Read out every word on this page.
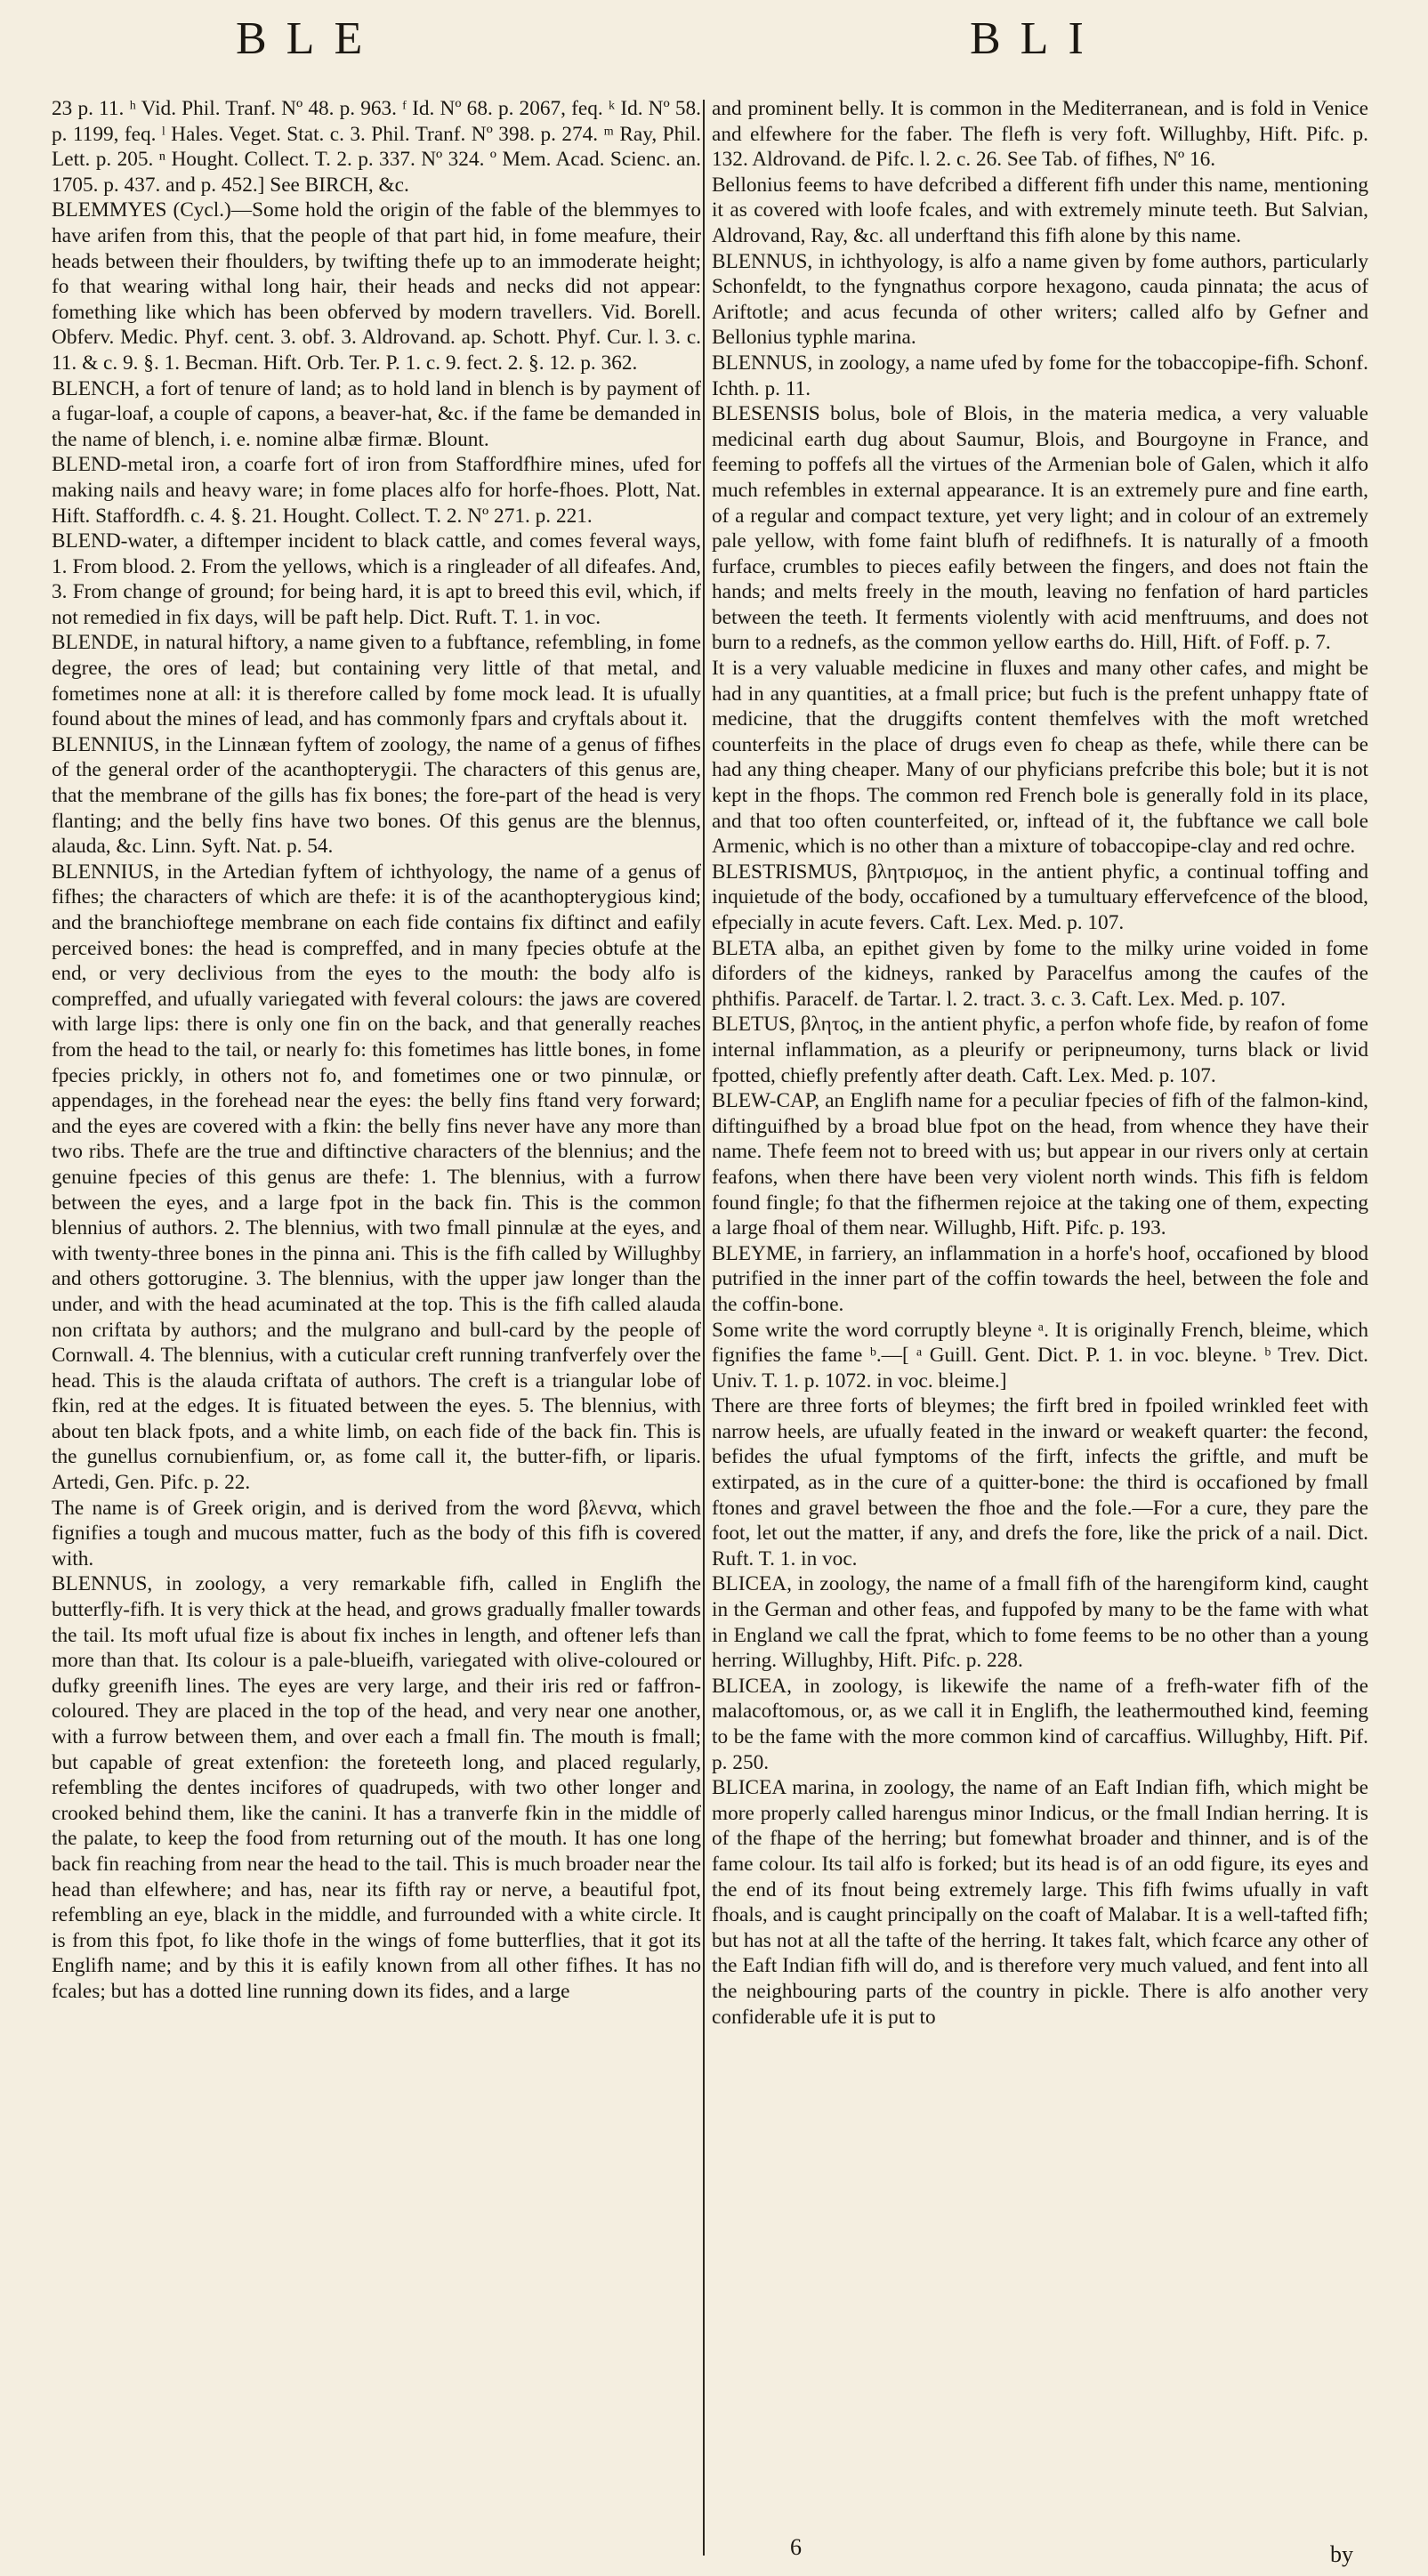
BLE	BLI

23 p. 11. ʰ Vid. Phil. Tranf. Nº 48. p. 963. ᶠ Id. Nº 68. p. 2067, feq. ᵏ Id. Nº 58. p. 1199, feq. ˡ Hales. Veget. Stat. c. 3. Phil. Tranf. Nº 398. p. 274. ᵐ Ray, Phil. Lett. p. 205. ⁿ Hought. Collect. T. 2. p. 337. Nº 324. º Mem. Acad. Scienc. an. 1705. p. 437. and p. 452.] See BIRCH, &c.

BLEMMYES (Cycl.)—Some hold the origin of the fable of the blemmyes to have arifen from this, that the people of that part hid, in fome meafure, their heads between their fhoulders, by twifting thefe up to an immoderate height; fo that wearing withal long hair, their heads and necks did not appear: fomething like which has been obferved by modern travellers. Vid. Borell. Obferv. Medic. Phyf. cent. 3. obf. 3. Aldrovand. ap. Schott. Phyf. Cur. l. 3. c. 11. & c. 9. §. 1. Becman. Hift. Orb. Ter. P. 1. c. 9. fect. 2. §. 12. p. 362.

BLENCH, a fort of tenure of land; as to hold land in blench is by payment of a fugar-loaf, a couple of capons, a beaver-hat, &c. if the fame be demanded in the name of blench, i. e. nomine albæ firmæ. Blount.

BLEND-metal iron, a coarfe fort of iron from Staffordfhire mines, ufed for making nails and heavy ware; in fome places alfo for horfe-fhoes. Plott, Nat. Hift. Staffordfh. c. 4. §. 21. Hought. Collect. T. 2. Nº 271. p. 221.

BLEND-water, a diftemper incident to black cattle, and comes feveral ways, 1. From blood. 2. From the yellows, which is a ringleader of all difeafes. And, 3. From change of ground; for being hard, it is apt to breed this evil, which, if not remedied in fix days, will be paft help. Dict. Ruft. T. 1. in voc.

BLENDE, in natural hiftory, a name given to a fubftance, refembling, in fome degree, the ores of lead; but containing very little of that metal, and fometimes none at all: it is therefore called by fome mock lead. It is ufually found about the mines of lead, and has commonly fpars and cryftals about it.

BLENNIUS, in the Linnæan fyftem of zoology, the name of a genus of fifhes of the general order of the acanthopterygii. The characters of this genus are, that the membrane of the gills has fix bones; the fore-part of the head is very flanting; and the belly fins have two bones. Of this genus are the blennus, alauda, &c. Linn. Syft. Nat. p. 54.

BLENNIUS, in the Artedian fyftem of ichthyology, the name of a genus of fifhes; the characters of which are thefe: it is of the acanthopterygious kind; and the branchioftege membrane on each fide contains fix diftinct and eafily perceived bones: the head is compreffed, and in many fpecies obtufe at the end, or very declivious from the eyes to the mouth: the body alfo is compreffed, and ufually variegated with feveral colours: the jaws are covered with large lips: there is only one fin on the back, and that generally reaches from the head to the tail, or nearly fo: this fometimes has little bones, in fome fpecies prickly, in others not fo, and fometimes one or two pinnulæ, or appendages, in the forehead near the eyes: the belly fins ftand very forward; and the eyes are covered with a fkin: the belly fins never have any more than two ribs. Thefe are the true and diftinctive characters of the blennius; and the genuine fpecies of this genus are thefe: 1. The blennius, with a furrow between the eyes, and a large fpot in the back fin. This is the common blennius of authors. 2. The blennius, with two fmall pinnulæ at the eyes, and with twenty-three bones in the pinna ani. This is the fifh called by Willughby and others gottorugine. 3. The blennius, with the upper jaw longer than the under, and with the head acuminated at the top. This is the fifh called alauda non criftata by authors; and the mulgrano and bull-card by the people of Cornwall. 4. The blennius, with a cuticular creft running tranfverfely over the head. This is the alauda criftata of authors. The creft is a triangular lobe of fkin, red at the edges. It is fituated between the eyes. 5. The blennius, with about ten black fpots, and a white limb, on each fide of the back fin. This is the gunellus cornubienfium, or, as fome call it, the butter-fifh, or liparis. Artedi, Gen. Pifc. p. 22.

The name is of Greek origin, and is derived from the word βλεννα, which fignifies a tough and mucous matter, fuch as the body of this fifh is covered with.

BLENNUS, in zoology, a very remarkable fifh, called in Englifh the butterfly-fifh. It is very thick at the head, and grows gradually fmaller towards the tail. Its moft ufual fize is about fix inches in length, and oftener lefs than more than that. Its colour is a pale-blueifh, variegated with olive-coloured or dufky greenifh lines. The eyes are very large, and their iris red or faffron-coloured. They are placed in the top of the head, and very near one another, with a furrow between them, and over each a fmall fin. The mouth is fmall; but capable of great extenfion: the foreteeth long, and placed regularly, refembling the dentes incifores of quadrupeds, with two other longer and crooked behind them, like the canini. It has a tranverfe fkin in the middle of the palate, to keep the food from returning out of the mouth. It has one long back fin reaching from near the head to the tail. This is much broader near the head than elfewhere; and has, near its fifth ray or nerve, a beautiful fpot, refembling an eye, black in the middle, and furrounded with a white circle. It is from this fpot, fo like thofe in the wings of fome butterflies, that it got its Englifh name; and by this it is eafily known from all other fifhes. It has no fcales; but has a dotted line running down its fides, and a large

and prominent belly. It is common in the Mediterranean, and is fold in Venice and elfewhere for the faber. The flefh is very foft. Willughby, Hift. Pifc. p. 132. Aldrovand. de Pifc. l. 2. c. 26. See Tab. of fifhes, Nº 16.

Bellonius feems to have defcribed a different fifh under this name, mentioning it as covered with loofe fcales, and with extremely minute teeth. But Salvian, Aldrovand, Ray, &c. all underftand this fifh alone by this name.

BLENNUS, in ichthyology, is alfo a name given by fome authors, particularly Schonfeldt, to the fyngnathus corpore hexagono, cauda pinnata; the acus of Ariftotle; and acus fecunda of other writers; called alfo by Gefner and Bellonius typhle marina.

BLENNUS, in zoology, a name ufed by fome for the tobaccopipe-fifh. Schonf. Ichth. p. 11.

BLESENSIS bolus, bole of Blois, in the materia medica, a very valuable medicinal earth dug about Saumur, Blois, and Bourgoyne in France, and feeming to poffefs all the virtues of the Armenian bole of Galen, which it alfo much refembles in external appearance. It is an extremely pure and fine earth, of a regular and compact texture, yet very light; and in colour of an extremely pale yellow, with fome faint blufh of redifhnefs. It is naturally of a fmooth furface, crumbles to pieces eafily between the fingers, and does not ftain the hands; and melts freely in the mouth, leaving no fenfation of hard particles between the teeth. It ferments violently with acid menftruums, and does not burn to a rednefs, as the common yellow earths do. Hill, Hift. of Foff. p. 7.

It is a very valuable medicine in fluxes and many other cafes, and might be had in any quantities, at a fmall price; but fuch is the prefent unhappy ftate of medicine, that the druggifts content themfelves with the moft wretched counterfeits in the place of drugs even fo cheap as thefe, while there can be had any thing cheaper. Many of our phyficians prefcribe this bole; but it is not kept in the fhops. The common red French bole is generally fold in its place, and that too often counterfeited, or, inftead of it, the fubftance we call bole Armenic, which is no other than a mixture of tobaccopipe-clay and red ochre.

BLESTRISMUS, βλητρισμος, in the antient phyfic, a continual toffing and inquietude of the body, occafioned by a tumultuary effervefcence of the blood, efpecially in acute fevers. Caft. Lex. Med. p. 107.

BLETA alba, an epithet given by fome to the milky urine voided in fome diforders of the kidneys, ranked by Paracelfus among the caufes of the phthifis. Paracelf. de Tartar. l. 2. tract. 3. c. 3. Caft. Lex. Med. p. 107.

BLETUS, βλητος, in the antient phyfic, a perfon whofe fide, by reafon of fome internal inflammation, as a pleurify or peripneumony, turns black or livid fpotted, chiefly prefently after death. Caft. Lex. Med. p. 107.

BLEW-CAP, an Englifh name for a peculiar fpecies of fifh of the falmon-kind, diftinguifhed by a broad blue fpot on the head, from whence they have their name. Thefe feem not to breed with us; but appear in our rivers only at certain feafons, when there have been very violent north winds. This fifh is feldom found fingle; fo that the fifhermen rejoice at the taking one of them, expecting a large fhoal of them near. Willughb, Hift. Pifc. p. 193.

BLEYME, in farriery, an inflammation in a horfe's hoof, occafioned by blood putrified in the inner part of the coffin towards the heel, between the fole and the coffin-bone.

Some write the word corruptly bleyne ᵃ. It is originally French, bleime, which fignifies the fame ᵇ.—[ ᵃ Guill. Gent. Dict. P. 1. in voc. bleyne. ᵇ Trev. Dict. Univ. T. 1. p. 1072. in voc. bleime.]

There are three forts of bleymes; the firft bred in fpoiled wrinkled feet with narrow heels, are ufually feated in the inward or weakeft quarter: the fecond, befides the ufual fymptoms of the firft, infects the griftle, and muft be extirpated, as in the cure of a quitter-bone: the third is occafioned by fmall ftones and gravel between the fhoe and the fole.—For a cure, they pare the foot, let out the matter, if any, and drefs the fore, like the prick of a nail. Dict. Ruft. T. 1. in voc.

BLICEA, in zoology, the name of a fmall fifh of the harengiform kind, caught in the German and other feas, and fuppofed by many to be the fame with what in England we call the fprat, which to fome feems to be no other than a young herring. Willughby, Hift. Pifc. p. 228.

BLICEA, in zoology, is likewife the name of a frefh-water fifh of the malacoftomous, or, as we call it in Englifh, the leathermouthed kind, feeming to be the fame with the more common kind of carcaffius. Willughby, Hift. Pif. p. 250.

BLICEA marina, in zoology, the name of an Eaft Indian fifh, which might be more properly called harengus minor Indicus, or the fmall Indian herring. It is of the fhape of the herring; but fomewhat broader and thinner, and is of the fame colour. Its tail alfo is forked; but its head is of an odd figure, its eyes and the end of its fnout being extremely large. This fifh fwims ufually in vaft fhoals, and is caught principally on the coaft of Malabar. It is a well-tafted fifh; but has not at all the tafte of the herring. It takes falt, which fcarce any other of the Eaft Indian fifh will do, and is therefore very much valued, and fent into all the neighbouring parts of the country in pickle. There is alfo another very confiderable ufe it is put to

6	by
